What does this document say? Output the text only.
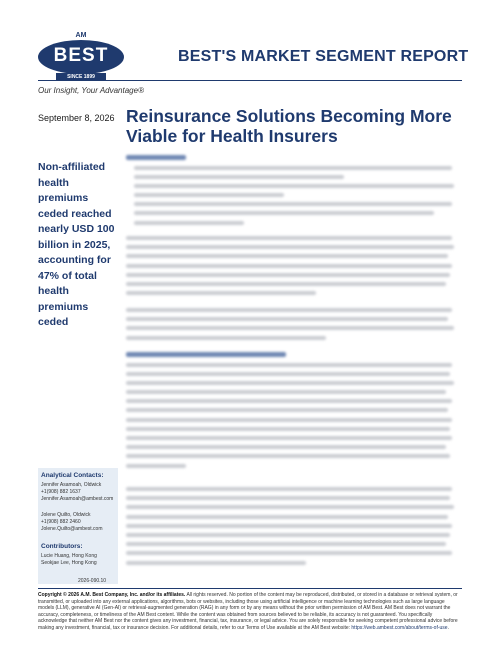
AM
BEST
SINCE 1899
BEST'S MARKET SEGMENT REPORT
Our Insight, Your Advantage®
September 8, 2026 Reinsurance Solutions Becoming More Viable for Health Insurers
Non-affiliated health premiums ceded reached nearly USD 100 billion in 2025, accounting for 47% of total health premiums ceded
Analytical Contacts:
Jennifer Asamoah, Oldwick
+1(908) 882 1637
Jennifer.Asamoah@ambest.com
Jolene Quilto, Oldwick
+1(908) 882 2460
Jolene.Quilto@ambest.com
Contributors:
Lucie Huang, Hong Kong
Seokjae Lee, Hong Kong
2026-090.10
Copyright © 2026 A.M. Best Company, Inc. and/or its affiliates. All rights reserved. No portion of the content may be reproduced, distributed, or stored in a database or retrieval system, or transmitted, or uploaded into any external applications, algorithms, bots or websites, including those using artificial intelligence or machine learning technologies such as large language models (LLM), generative AI (Gen-AI) or retrieval-augmented generation (RAG) in any form or by any means without the prior written permission of AM Best. AM Best does not warrant the accuracy, completeness, or timeliness of the AM Best content. While the content was obtained from sources believed to be reliable, its accuracy is not guaranteed. You specifically acknowledge that neither AM Best nor the content gives any investment, financial, tax, insurance, or legal advice. You are solely responsible for seeking competent professional advice before making any investment, financial, tax or insurance decision. For additional details, refer to our Terms of Use available at the AM Best website: https://web.ambest.com/about/terms-of-use.
